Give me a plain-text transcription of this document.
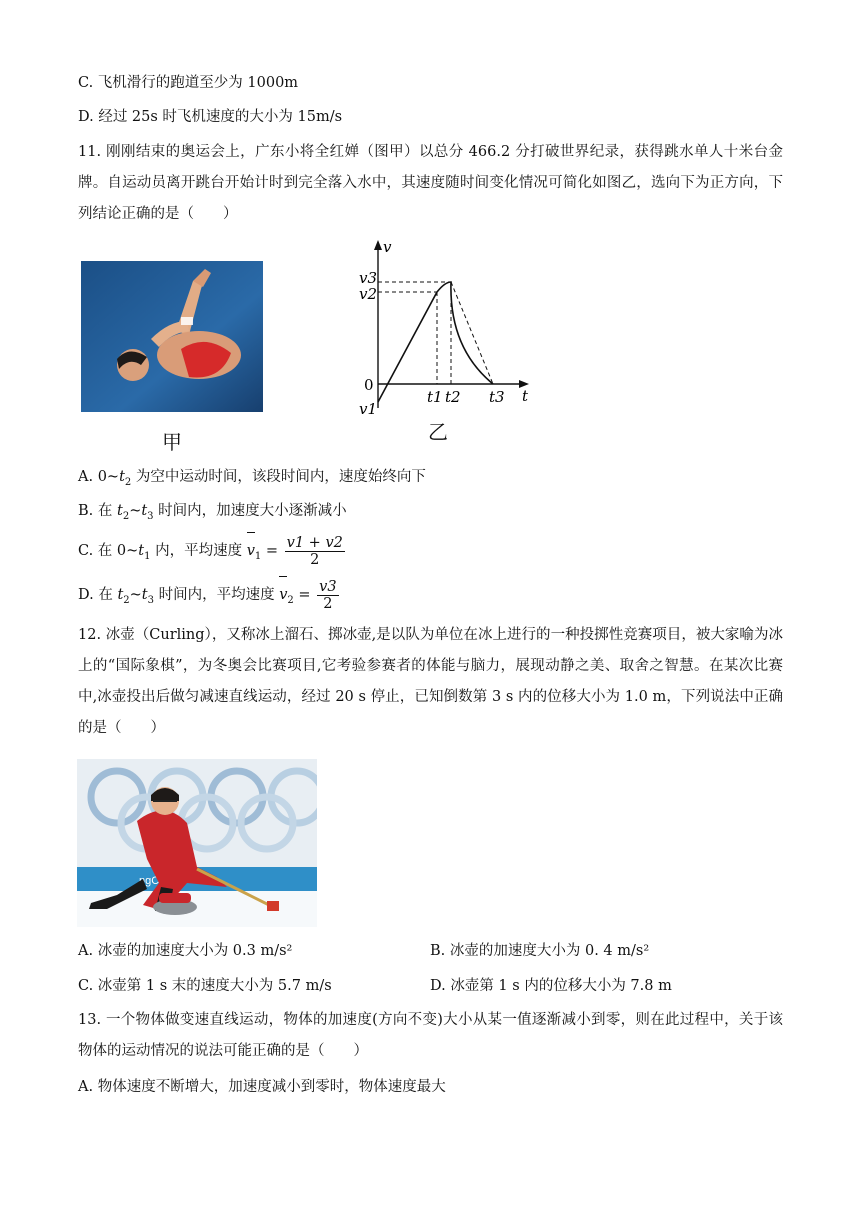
C. 飞机滑行的跑道至少为 1000m
D. 经过 25s 时飞机速度的大小为 15m/s
11. 刚刚结束的奥运会上，广东小将全红婵（图甲）以总分 466.2 分打破世界纪录，获得跳水单人十米台金牌。自运动员离开跳台开始计时到完全落入水中，其速度随时间变化情况可简化如图乙，选向下为正方向，下列结论正确的是（　　）
甲
v
t
0
v3
v2
v1
t1 t2 t3
乙
A. $0\sim t_2$ 为空中运动时间，该段时间内，速度始终向下
B. 在 $t_2\sim t_3$ 时间内，加速度大小逐渐减小
C. 在 $0\sim t_1$ 内，平均速度 $v_1 = \frac{v1 + v2}{2}$
D. 在 $t_2\sim t_3$ 时间内，平均速度 $v_2 = \frac{v3}{2}$
12. 冰壶（Curling），又称冰上溜石、掷冰壶,是以队为单位在冰上进行的一种投掷性竞赛项目，被大家喻为冰上的“国际象棋”，为冬奥会比赛项目,它考验参赛者的体能与脑力，展现动静之美、取舍之智慧。在某次比赛中,冰壶投出后做匀减速直线运动，经过 20 s 停止，已知倒数第 3 s 内的位移大小为 1.0 m，下列说法中正确的是（　　）
A. 冰壶的加速度大小为 0.3 m/s²	B. 冰壶的加速度大小为 0. 4 m/s²
C. 冰壶第 1 s 末的速度大小为 5.7 m/s	D. 冰壶第 1 s 内的位移大小为 7.8 m
13. 一个物体做变速直线运动，物体的加速度(方向不变)大小从某一值逐渐减小到零，则在此过程中，关于该物体的运动情况的说法可能正确的是（　　）
A. 物体速度不断增大，加速度减小到零时，物体速度最大
